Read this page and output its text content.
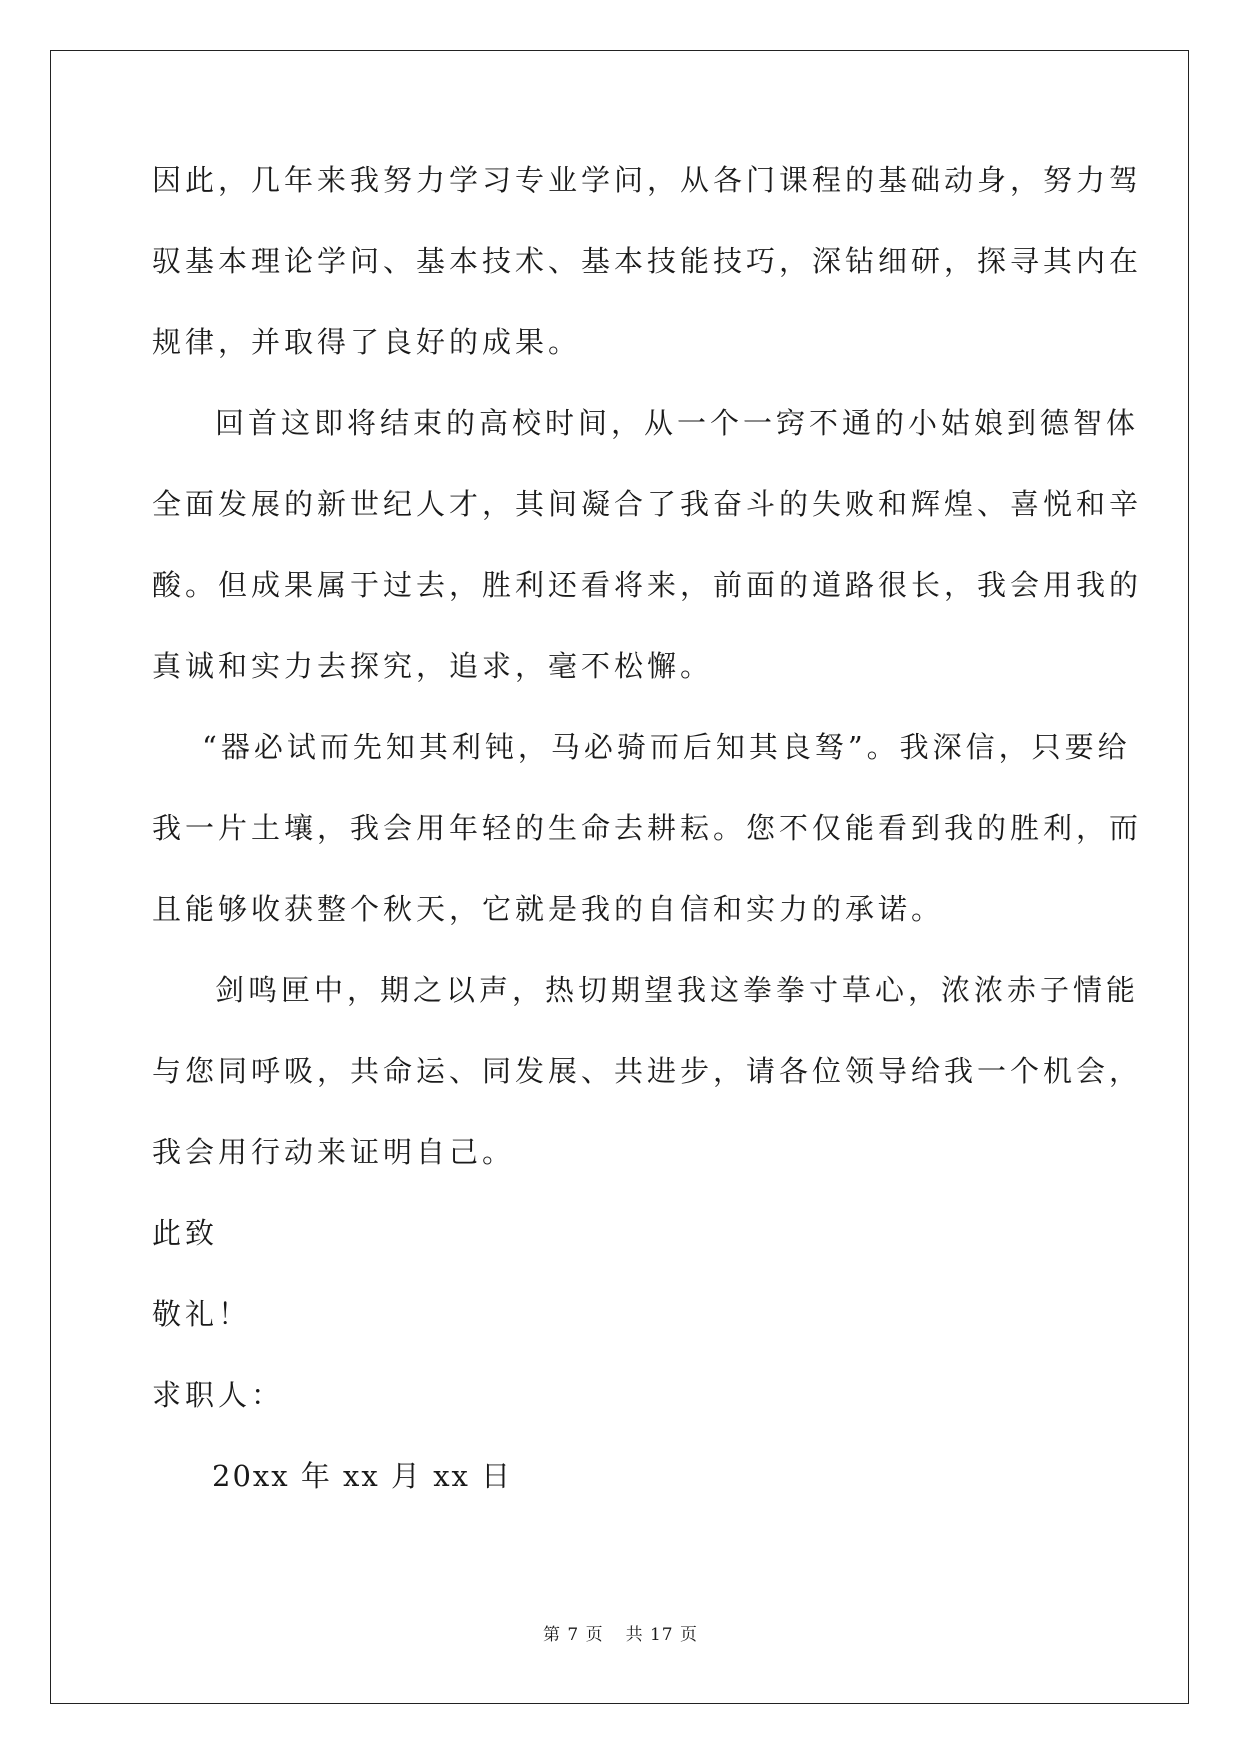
因此，几年来我努力学习专业学问，从各门课程的基础动身，努力驾
驭基本理论学问、基本技术、基本技能技巧，深钻细研，探寻其内在
规律，并取得了良好的成果。
回首这即将结束的高校时间，从一个一窍不通的小姑娘到德智体
全面发展的新世纪人才，其间凝合了我奋斗的失败和辉煌、喜悦和辛
酸。但成果属于过去，胜利还看将来，前面的道路很长，我会用我的
真诚和实力去探究，追求，毫不松懈。
“器必试而先知其利钝，马必骑而后知其良驽”。我深信，只要给
我一片土壤，我会用年轻的生命去耕耘。您不仅能看到我的胜利，而
且能够收获整个秋天，它就是我的自信和实力的承诺。
剑鸣匣中，期之以声，热切期望我这拳拳寸草心，浓浓赤子情能
与您同呼吸，共命运、同发展、共进步，请各位领导给我一个机会，
我会用行动来证明自己。
此致
敬礼！
求职人：
20xx 年 xx 月 xx 日
第 7 页 共 17 页
